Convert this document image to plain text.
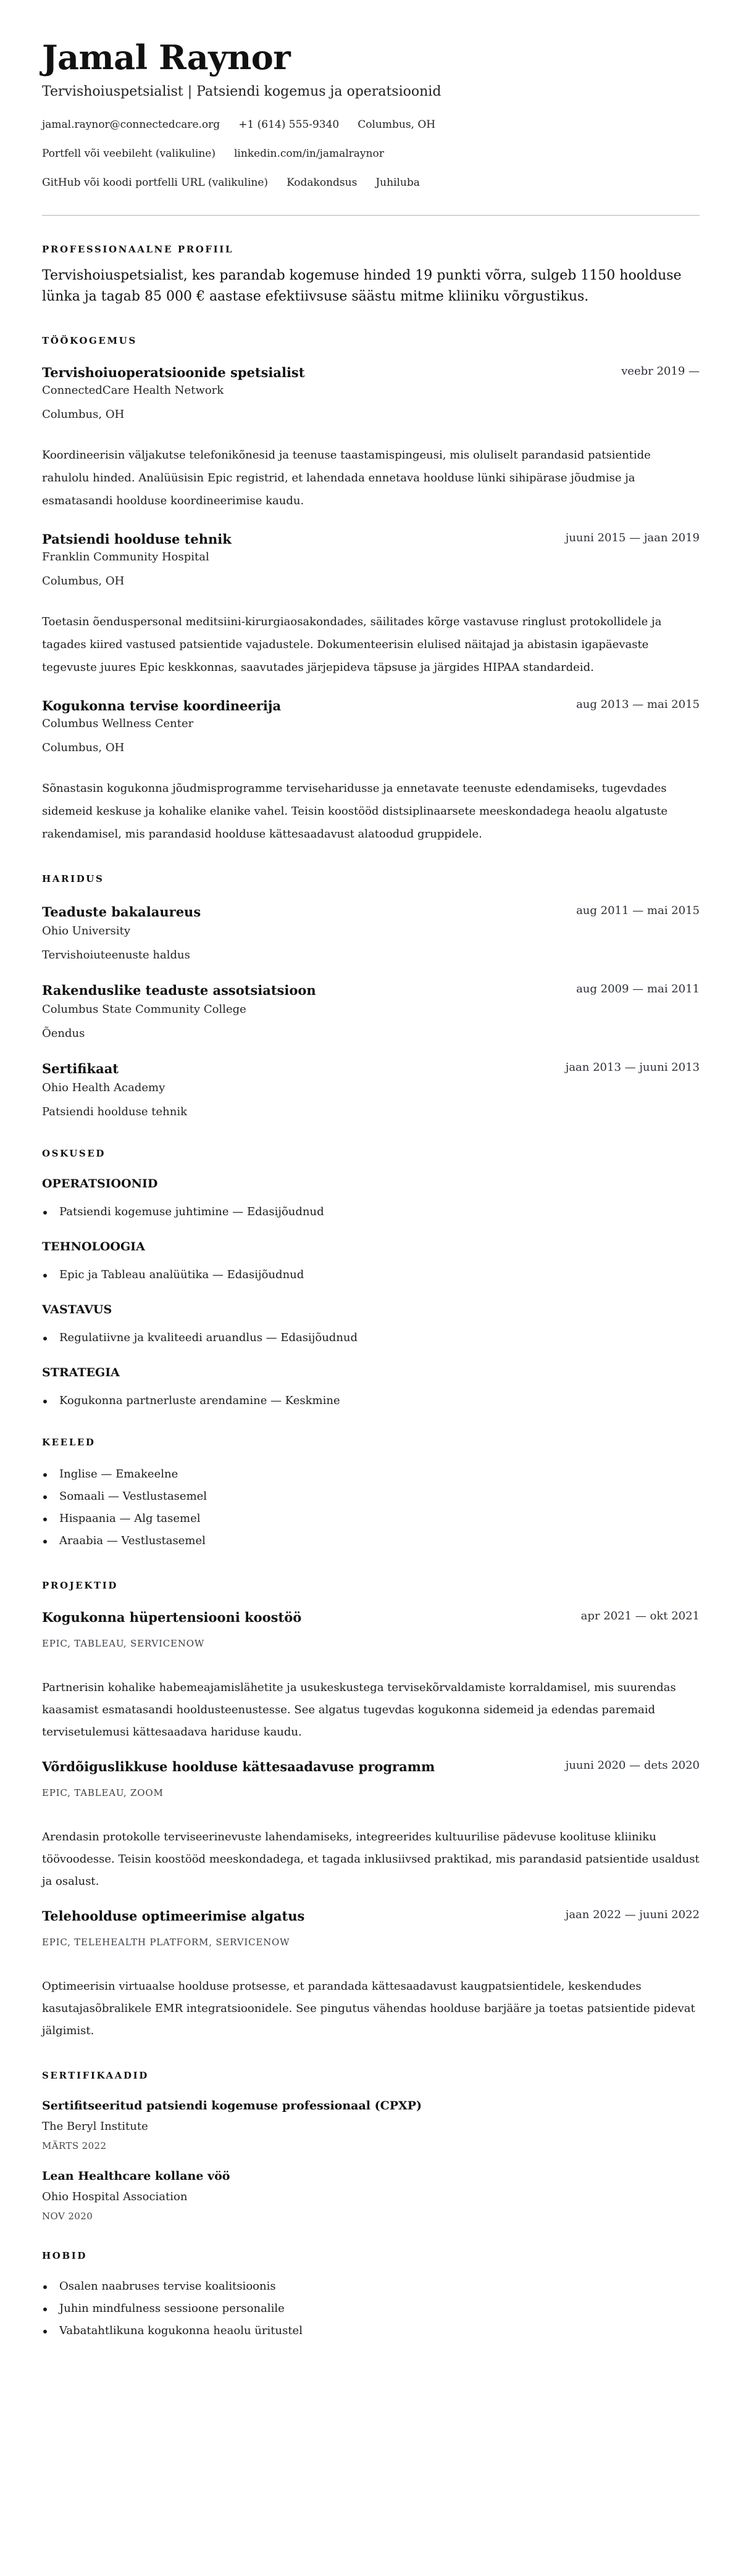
Jamal Raynor
Tervishoiuspetsialist | Patsiendi kogemus ja operatsioonid
jamal.raynor@connectedcare.org +1 (614) 555-9340 Columbus, OH
Portfell või veebileht (valikuline) linkedin.com/in/jamalraynor
GitHub või koodi portfelli URL (valikuline) Kodakondsus Juhiluba
PROFESSIONAALNE PROFIIL

Tervishoiuspetsialist, kes parandab kogemuse hinded 19 punkti võrra, sulgeb 1150 hoolduse lünka ja tagab 85 000 € aastase efektiivsuse säästu mitme kliiniku võrgustikus.

TÖÖKOGEMUS
Tervishoiuoperatsioonide spetsialist	veebr 2019 —
ConnectedCare Health Network
Columbus, OH

Koordineerisin väljakutse telefonikõnesid ja teenuse taastamispingeusi, mis oluliselt parandasid patsientide rahulolu hinded. Analüüsisin Epic registrid, et lahendada ennetava hoolduse lünki sihipärase jõudmise ja esmatasandi hoolduse koordineerimise kaudu.

Patsiendi hoolduse tehnik	juuni 2015 — jaan 2019
Franklin Community Hospital
Columbus, OH

Toetasin õenduspersonal meditsiini-kirurgiaosakondades, säilitades kõrge vastavuse ringlust protokollidele ja tagades kiired vastused patsientide vajadustele. Dokumenteerisin elulised näitajad ja abistasin igapäevaste tegevuste juures Epic keskkonnas, saavutades järjepideva täpsuse ja järgides HIPAA standardeid.

Kogukonna tervise koordineerija	aug 2013 — mai 2015
Columbus Wellness Center
Columbus, OH

Sõnastasin kogukonna jõudmisprogramme terviseharidusse ja ennetavate teenuste edendamiseks, tugevdades sidemeid keskuse ja kohalike elanike vahel. Teisin koostööd distsiplinaarsete meeskondadega heaolu algatuste rakendamisel, mis parandasid hoolduse kättesaadavust alatoodud gruppidele.

HARIDUS
Teaduste bakalaureus	aug 2011 — mai 2015
Ohio University
Tervishoiuteenuste haldus
Rakenduslike teaduste assotsiatsioon	aug 2009 — mai 2011
Columbus State Community College
Õendus
Sertifikaat	jaan 2013 — juuni 2013
Ohio Health Academy
Patsiendi hoolduse tehnik
OSKUSED
OPERATSIOONID
Patsiendi kogemuse juhtimine — Edasijõudnud
TEHNOLOOGIA
Epic ja Tableau analüütika — Edasijõudnud
VASTAVUS
Regulatiivne ja kvaliteedi aruandlus — Edasijõudnud
STRATEGIA
Kogukonna partnerluste arendamine — Keskmine
KEELED
Inglise — Emakeelne
Somaali — Vestlustasemel
Hispaania — Alg tasemel
Araabia — Vestlustasemel
PROJEKTID
Kogukonna hüpertensiooni koostöö	apr 2021 — okt 2021
EPIC, TABLEAU, SERVICENOW

Partnerisin kohalike habemeajamislähetite ja usukeskustega tervisekõrvaldamiste korraldamisel, mis suurendas kaasamist esmatasandi hooldusteenustesse. See algatus tugevdas kogukonna sidemeid ja edendas paremaid tervisetulemusi kättesaadava hariduse kaudu.

Võrdõiguslikkuse hoolduse kättesaadavuse programm	juuni 2020 — dets 2020
EPIC, TABLEAU, ZOOM

Arendasin protokolle terviseerinevuste lahendamiseks, integreerides kultuurilise pädevuse koolituse kliiniku töövoodesse. Teisin koostööd meeskondadega, et tagada inklusiivsed praktikad, mis parandasid patsientide usaldust ja osalust.

Telehoolduse optimeerimise algatus	jaan 2022 — juuni 2022
EPIC, TELEHEALTH PLATFORM, SERVICENOW

Optimeerisin virtuaalse hoolduse protsesse, et parandada kättesaadavust kaugpatsientidele, keskendudes kasutajasõbralikele EMR integratsioonidele. See pingutus vähendas hoolduse barjääre ja toetas patsientide pidevat jälgimist.

SERTIFIKAADID
Sertifitseeritud patsiendi kogemuse professionaal (CPXP)
The Beryl Institute
MÄRTS 2022
Lean Healthcare kollane vöö
Ohio Hospital Association
NOV 2020
HOBID
Osalen naabruses tervise koalitsioonis
Juhin mindfulness sessioone personalile
Vabatahtlikuna kogukonna heaolu üritustel
